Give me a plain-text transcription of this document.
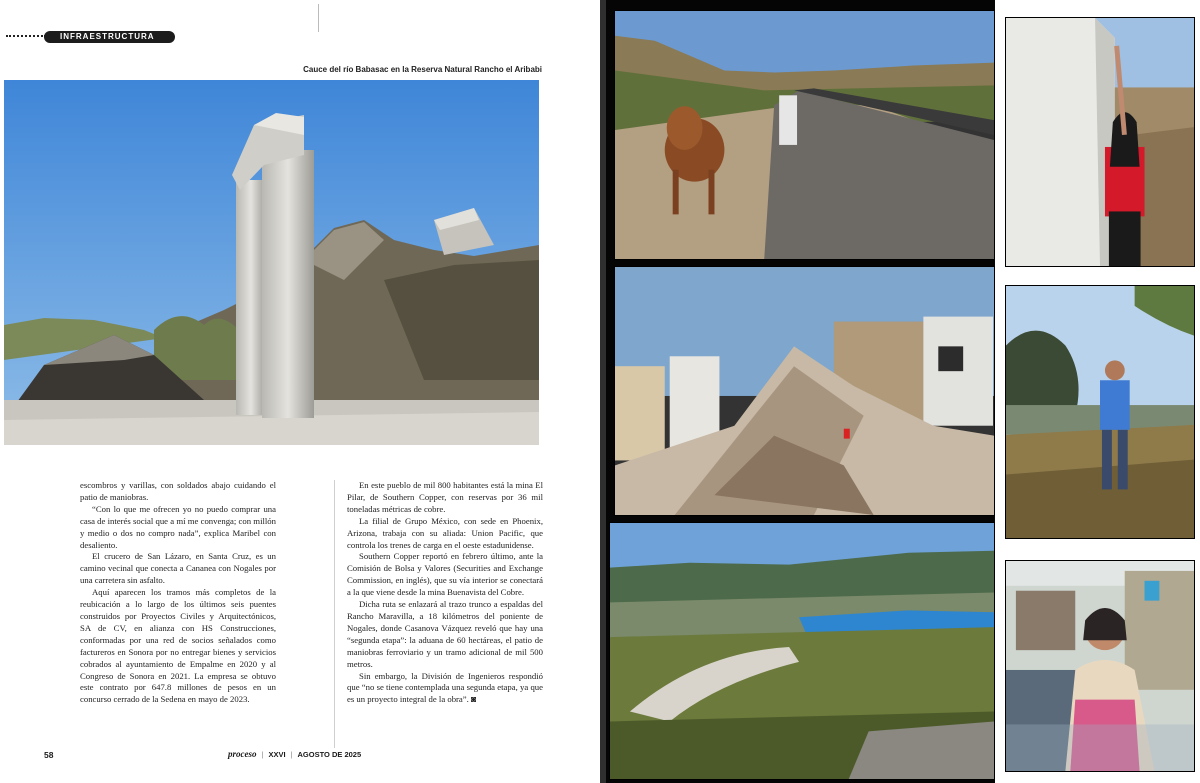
INFRAESTRUCTURA
Cauce del río Babasac en la Reserva Natural Rancho el Aribabi

escombros y varillas, con soldados abajo cuidando el patio de maniobras.

“Con lo que me ofrecen yo no puedo comprar una casa de interés social que a mí me convenga; con millón y medio o dos no compro nada”, explica Maribel con desaliento.

El crucero de San Lázaro, en Santa Cruz, es un camino vecinal que conecta a Cananea con Nogales por una carretera sin asfalto.

Aquí aparecen los tramos más completos de la reubicación a lo largo de los últimos seis puentes construidos por Proyectos Civiles y Arquitectónicos, SA de CV, en alianza con HS Construcciones, conformadas por una red de socios señalados como factureros en Sonora por no entregar bienes y servicios cobrados al ayuntamiento de Empalme en 2020 y al Congreso de Sonora en 2021. La empresa se obtuvo este contrato por 647.8 millones de pesos en un concurso cerrado de la Sedena en mayo de 2023.

En este pueblo de mil 800 habitantes está la mina El Pilar, de Southern Copper, con reservas por 36 mil toneladas métricas de cobre.

La filial de Grupo México, con sede en Phoenix, Arizona, trabaja con su aliada: Union Pacific, que controla los trenes de carga en el oeste estadunidense.

Southern Copper reportó en febrero último, ante la Comisión de Bolsa y Valores (Securities and Exchange Commission, en inglés), que su vía interior se conectará a la que viene desde la mina Buenavista del Cobre.

Dicha ruta se enlazará al trazo trunco a espaldas del Rancho Maravilla, a 18 kilómetros del poniente de Nogales, donde Casanova Vázquez reveló que hay una “segunda etapa”: la aduana de 60 hectáreas, el patio de maniobras ferroviario y un tramo adicional de mil 500 metros.

Sin embargo, la División de Ingenieros respondió que “no se tiene contemplada una segunda etapa, ya que es un proyecto integral de la obra”. ◙

58	proceso | XXVI | AGOSTO DE 2025
